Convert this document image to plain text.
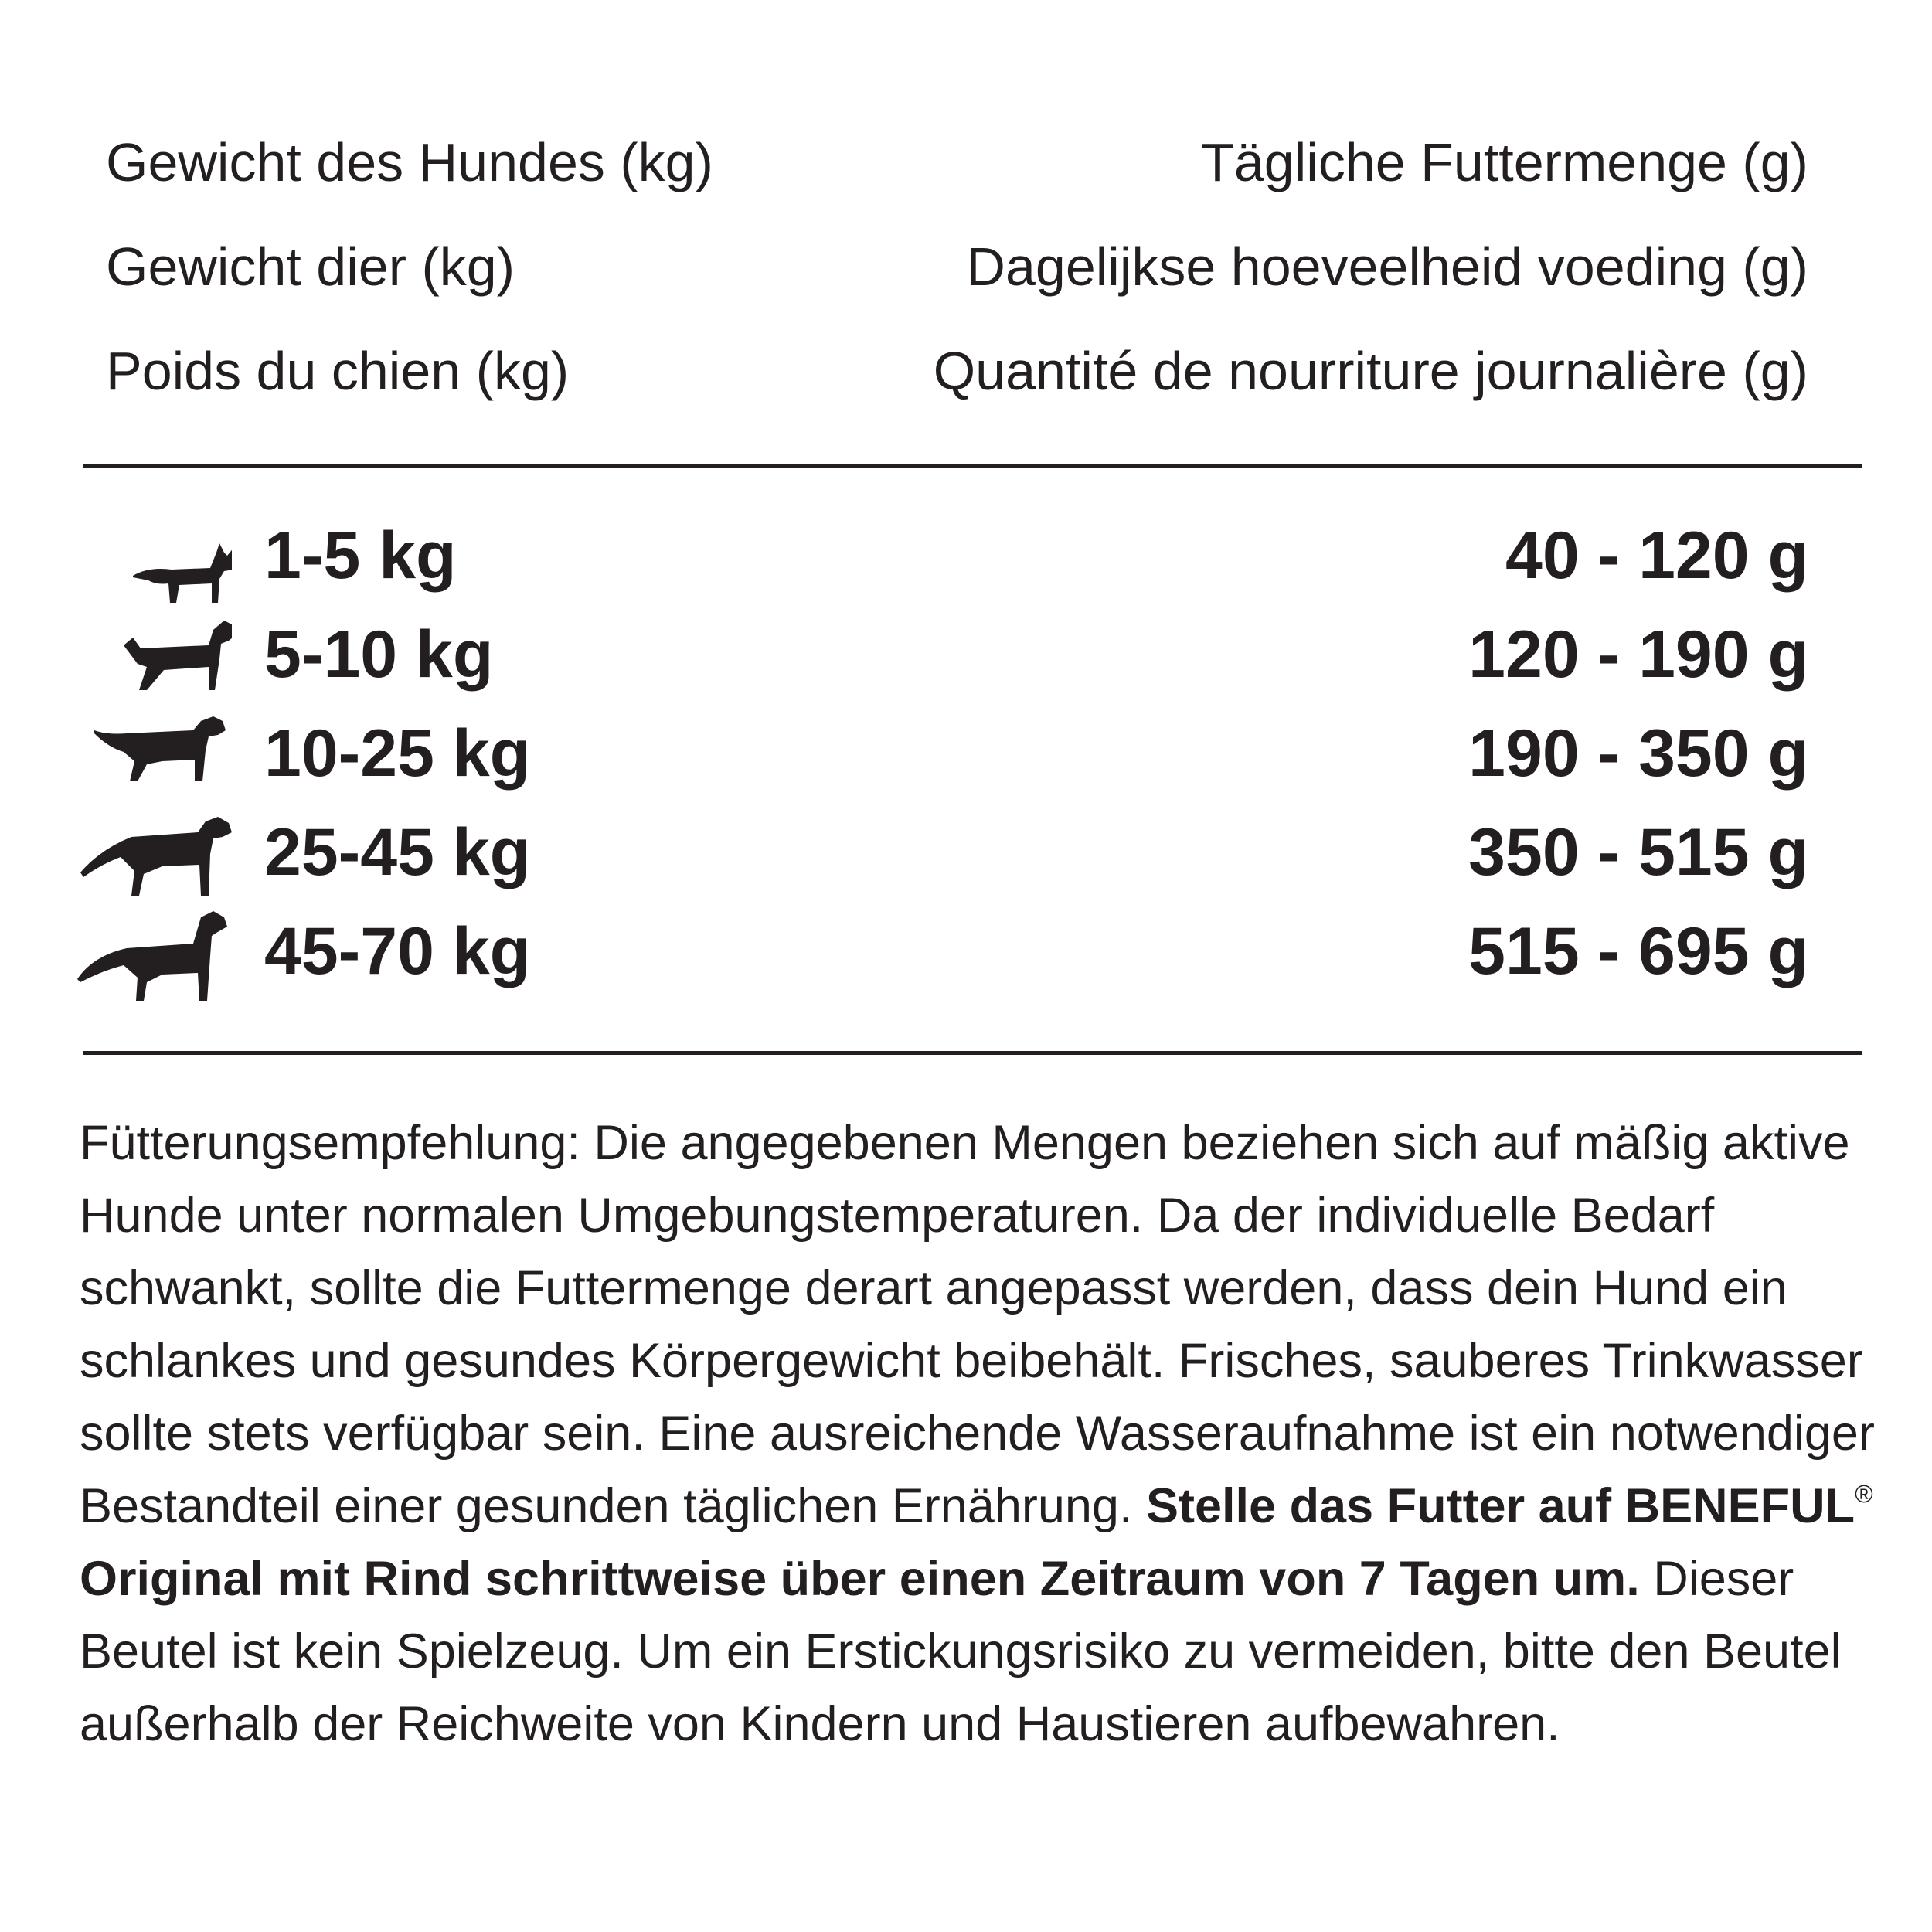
Gewicht des Hundes (kg)	Tägliche Futtermenge (g)
Gewicht dier (kg)	Dagelijkse hoeveelheid voeding (g)
Poids du chien (kg)	Quantité de nourriture journalière (g)
1-5 kg	40 - 120 g
5-10 kg	120 - 190 g
10-25 kg	190 - 350 g
25-45 kg	350 - 515 g
45-70 kg	515 - 695 g
Fütterungsempfehlung: Die angegebenen Mengen beziehen sich auf mäßig aktive Hunde unter normalen Umgebungstemperaturen. Da der individuelle Bedarf schwankt, sollte die Futtermenge derart angepasst werden, dass dein Hund ein schlankes und gesundes Körpergewicht beibehält. Frisches, sauberes Trinkwasser sollte stets verfügbar sein. Eine ausreichende Wasseraufnahme ist ein notwendiger Bestandteil einer gesunden täglichen Ernährung. Stelle das Futter auf BENEFUL® Original mit Rind schrittweise über einen Zeitraum von 7 Tagen um. Dieser Beutel ist kein Spielzeug. Um ein Erstickungsrisiko zu vermeiden, bitte den Beutel außerhalb der Reichweite von Kindern und Haustieren aufbewahren.
